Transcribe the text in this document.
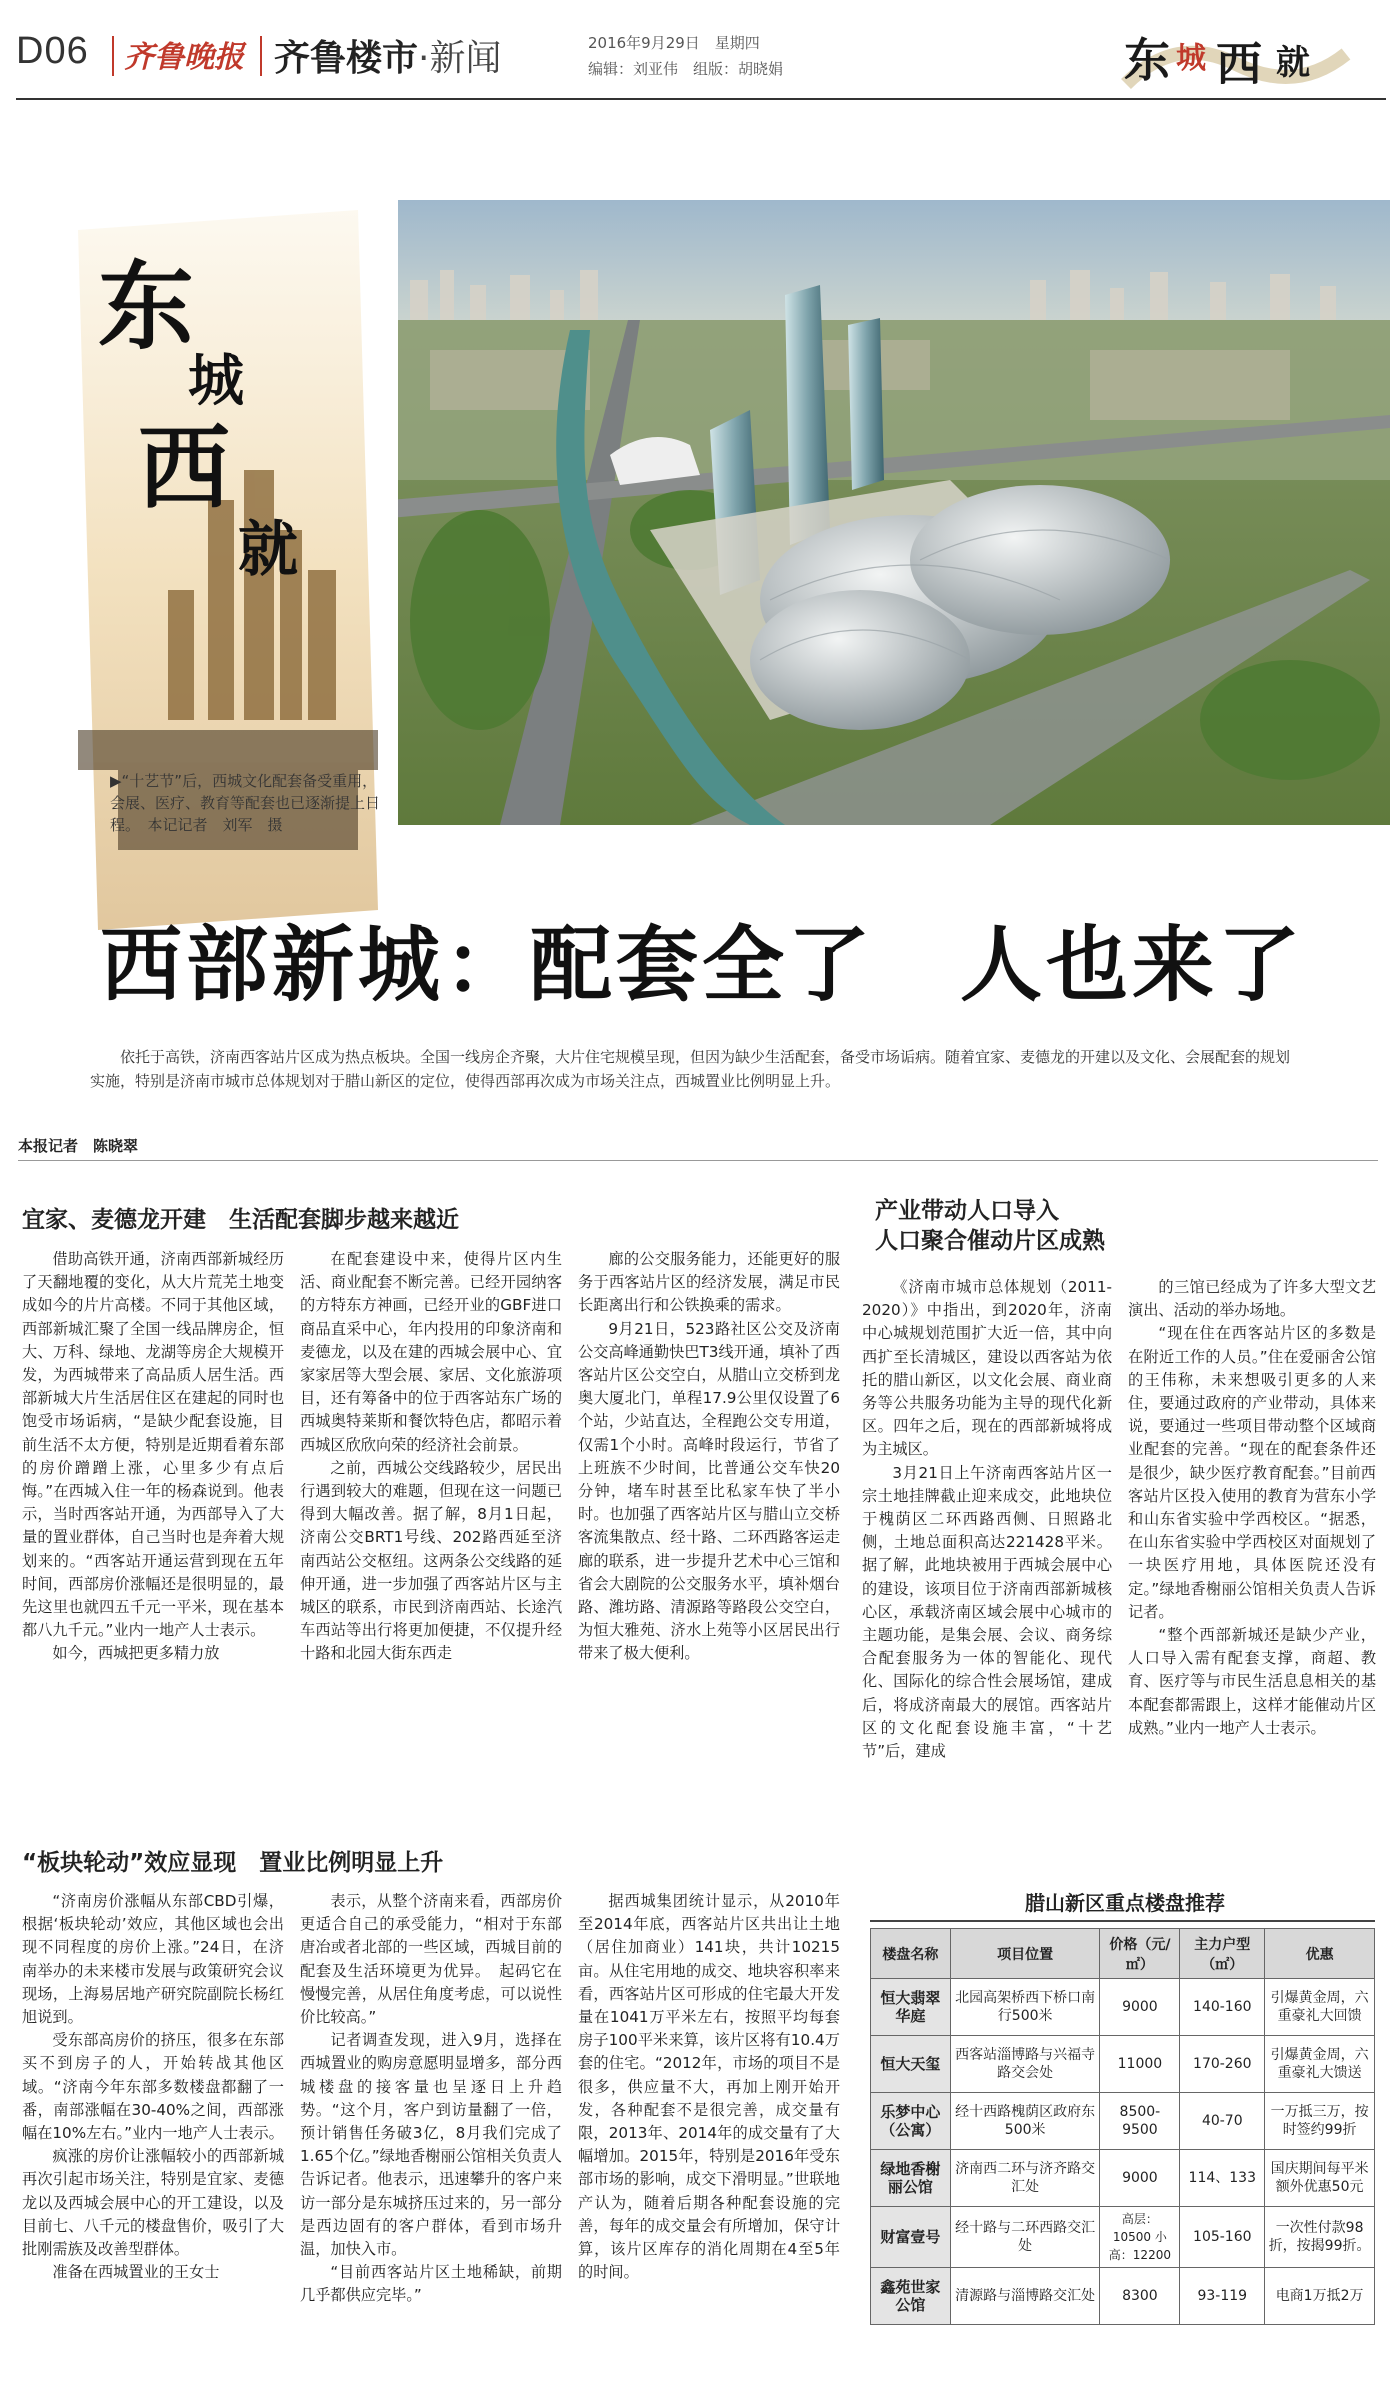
D06 齐鲁晚报 齐鲁楼市·新闻	2016年9月29日　星期四
编辑：刘亚伟　组版：胡晓娟	东 城 西 就
东
城
西
就
▶“十艺节”后，西城文化配套备受重用，会展、医疗、教育等配套也已逐渐提上日程。　本记记者　刘军　摄
西部新城：配套全了　人也来了
依托于高铁，济南西客站片区成为热点板块。全国一线房企齐聚，大片住宅规模呈现，但因为缺少生活配套，备受市场诟病。随着宜家、麦德龙的开建以及文化、会展配套的规划实施，特别是济南市城市总体规划对于腊山新区的定位，使得西部再次成为市场关注点，西城置业比例明显上升。
本报记者　陈晓翠
宜家、麦德龙开建　生活配套脚步越来越近

借助高铁开通，济南西部新城经历了天翻地覆的变化，从大片荒芜土地变成如今的片片高楼。不同于其他区域，西部新城汇聚了全国一线品牌房企，恒大、万科、绿地、龙湖等房企大规模开发，为西城带来了高品质人居生活。西部新城大片生活居住区在建起的同时也饱受市场诟病，“是缺少配套设施，目前生活不太方便，特别是近期看着东部的房价蹭蹭上涨，心里多少有点后悔。”在西城入住一年的杨森说到。他表示，当时西客站开通，为西部导入了大量的置业群体，自己当时也是奔着大规划来的。“西客站开通运营到现在五年时间，西部房价涨幅还是很明显的，最先这里也就四五千元一平米，现在基本都八九千元。”业内一地产人士表示。

如今，西城把更多精力放

在配套建设中来，使得片区内生活、商业配套不断完善。已经开园纳客的方特东方神画，已经开业的GBF进口商品直采中心，年内投用的印象济南和麦德龙，以及在建的西城会展中心、宜家家居等大型会展、家居、文化旅游项目，还有筹备中的位于西客站东广场的西城奥特莱斯和餐饮特色店，都昭示着西城区欣欣向荣的经济社会前景。

之前，西城公交线路较少，居民出行遇到较大的难题，但现在这一问题已得到大幅改善。据了解，8月1日起，济南公交BRT1号线、202路西延至济南西站公交枢纽。这两条公交线路的延伸开通，进一步加强了西客站片区与主城区的联系，市民到济南西站、长途汽车西站等出行将更加便捷，不仅提升经十路和北园大街东西走

廊的公交服务能力，还能更好的服务于西客站片区的经济发展，满足市民长距离出行和公铁换乘的需求。

9月21日，523路社区公交及济南公交高峰通勤快巴T3线开通，填补了西客站片区公交空白，从腊山立交桥到龙奥大厦北门，单程17.9公里仅设置了6个站，少站直达，全程跑公交专用道，仅需1个小时。高峰时段运行，节省了上班族不少时间，比普通公交车快20分钟，堵车时甚至比私家车快了半小时。也加强了西客站片区与腊山立交桥客流集散点、经十路、二环西路客运走廊的联系，进一步提升艺术中心三馆和省会大剧院的公交服务水平，填补烟台路、潍坊路、清源路等路段公交空白，为恒大雅苑、济水上苑等小区居民出行带来了极大便利。

产业带动人口导入
人口聚合催动片区成熟

《济南市城市总体规划（2011-2020）》中指出，到2020年，济南中心城规划范围扩大近一倍，其中向西扩至长清城区，建设以西客站为依托的腊山新区，以文化会展、商业商务等公共服务功能为主导的现代化新区。四年之后，现在的西部新城将成为主城区。

3月21日上午济南西客站片区一宗土地挂牌截止迎来成交，此地块位于槐荫区二环西路西侧、日照路北侧，土地总面积高达221428平米。据了解，此地块被用于西城会展中心的建设，该项目位于济南西部新城核心区，承载济南区域会展中心城市的主题功能，是集会展、会议、商务综合配套服务为一体的智能化、现代化、国际化的综合性会展场馆，建成后，将成济南最大的展馆。西客站片区的文化配套设施丰富，“十艺节”后，建成

的三馆已经成为了许多大型文艺演出、活动的举办场地。

“现在住在西客站片区的多数是在附近工作的人员。”住在爱丽舍公馆的王伟称，未来想吸引更多的人来住，要通过政府的产业带动，具体来说，要通过一些项目带动整个区域商业配套的完善。“现在的配套条件还是很少，缺少医疗教育配套。”目前西客站片区投入使用的教育为营东小学和山东省实验中学西校区。“据悉，在山东省实验中学西校区对面规划了一块医疗用地，具体医院还没有定。”绿地香榭丽公馆相关负责人告诉记者。

“整个西部新城还是缺少产业，人口导入需有配套支撑，商超、教育、医疗等与市民生活息息相关的基本配套都需跟上，这样才能催动片区成熟。”业内一地产人士表示。

“板块轮动”效应显现　置业比例明显上升

“济南房价涨幅从东部CBD引爆，根据‘板块轮动’效应，其他区域也会出现不同程度的房价上涨。”24日，在济南举办的未来楼市发展与政策研究会议现场，上海易居地产研究院副院长杨红旭说到。

受东部高房价的挤压，很多在东部买不到房子的人，开始转战其他区域。“济南今年东部多数楼盘都翻了一番，南部涨幅在30-40%之间，西部涨幅在10%左右。”业内一地产人士表示。

疯涨的房价让涨幅较小的西部新城再次引起市场关注，特别是宜家、麦德龙以及西城会展中心的开工建设，以及目前七、八千元的楼盘售价，吸引了大批刚需族及改善型群体。

准备在西城置业的王女士

表示，从整个济南来看，西部房价更适合自己的承受能力，“相对于东部唐冶或者北部的一些区域，西城目前的配套及生活环境更为优异。　起码它在慢慢完善，从居住角度考虑，可以说性价比较高。”

记者调查发现，进入9月，选择在西城置业的购房意愿明显增多，部分西城楼盘的接客量也呈逐日上升趋势。“这个月，客户到访量翻了一倍，预计销售任务破3亿，8月我们完成了1.65个亿。”绿地香榭丽公馆相关负责人告诉记者。他表示，迅速攀升的客户来访一部分是东城挤压过来的，另一部分是西边固有的客户群体，看到市场升温，加快入市。

“目前西客站片区土地稀缺，前期几乎都供应完毕。”

据西城集团统计显示，从2010年至2014年底，西客站片区共出让土地（居住加商业）141块，共计10215亩。从住宅用地的成交、地块容积率来看，西客站片区可形成的住宅最大开发量在1041万平米左右，按照平均每套房子100平米来算，该片区将有10.4万套的住宅。“2012年，市场的项目不是很多，供应量不大，再加上刚开始开发，各种配套不是很完善，成交量有限，2013年、2014年的成交量有了大幅增加。2015年，特别是2016年受东部市场的影响，成交下滑明显。”世联地产认为，随着后期各种配套设施的完善，每年的成交量会有所增加，保守计算，该片区库存的消化周期在4至5年的时间。

腊山新区重点楼盘推荐
楼盘名称	项目位置	价格（元/㎡）	主力户型（㎡）	优惠
恒大翡翠华庭	北园高架桥西下桥口南行500米	9000	140-160	引爆黄金周，六重豪礼大回馈
恒大天玺	西客站淄博路与兴福寺路交会处	11000	170-260	引爆黄金周，六重豪礼大馈送
乐梦中心（公寓）	经十西路槐荫区政府东500米	8500-9500	40-70	一万抵三万，按时签约99折
绿地香榭丽公馆	济南西二环与济齐路交汇处	9000	114、133	国庆期间每平米额外优惠50元
财富壹号	经十路与二环西路交汇处	高层：10500 小高：12200	105-160	一次性付款98折，按揭99折。
鑫苑世家公馆	清源路与淄博路交汇处	8300	93-119	电商1万抵2万
